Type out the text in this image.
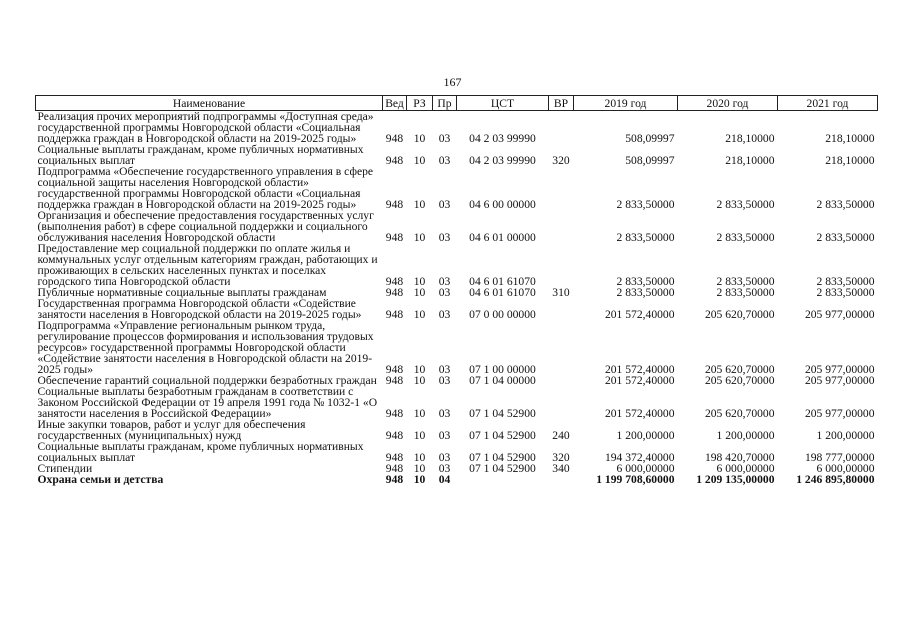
167
Наименование	Вед	РЗ	Пр	ЦСТ	ВР	2019 год	2020 год	2021 год
Реализация прочих мероприятий подпрограммы «Доступная среда» государственной программы Новгородской области «Социальная поддержка граждан в Новгородской области на 2019-2025 годы»	948	10	03	04 2 03 99990		508,09997	218,10000	218,10000
Социальные выплаты гражданам, кроме публичных нормативных социальных выплат	948	10	03	04 2 03 99990	320	508,09997	218,10000	218,10000
Подпрограмма «Обеспечение государственного управления в сфере социальной защиты населения Новгородской области» государственной программы Новгородской области «Социальная поддержка граждан в Новгородской области на 2019-2025 годы»	948	10	03	04 6 00 00000		2 833,50000	2 833,50000	2 833,50000
Организация и обеспечение предоставления государственных услуг (выполнения работ) в сфере социальной поддержки и социального обслуживания населения Новгородской области	948	10	03	04 6 01 00000		2 833,50000	2 833,50000	2 833,50000
Предоставление мер социальной поддержки по оплате жилья и коммунальных услуг отдельным категориям граждан, работающих и проживающих в сельских населенных пунктах и поселках городского типа Новгородской области	948	10	03	04 6 01 61070		2 833,50000	2 833,50000	2 833,50000
Публичные нормативные социальные выплаты гражданам	948	10	03	04 6 01 61070	310	2 833,50000	2 833,50000	2 833,50000
Государственная программа Новгородской области «Содействие занятости населения в Новгородской области на 2019-2025 годы»	948	10	03	07 0 00 00000		201 572,40000	205 620,70000	205 977,00000
Подпрограмма «Управление региональным рынком труда, регулирование процессов формирования и использования трудовых ресурсов» государственной программы Новгородской области «Содействие занятости населения в Новгородской области на 2019-2025 годы»	948	10	03	07 1 00 00000		201 572,40000	205 620,70000	205 977,00000
Обеспечение гарантий социальной поддержки безработных граждан	948	10	03	07 1 04 00000		201 572,40000	205 620,70000	205 977,00000
Социальные выплаты безработным гражданам в соответствии с Законом Российской Федерации от 19 апреля 1991 года № 1032-1 «О занятости населения в Российской Федерации»	948	10	03	07 1 04 52900		201 572,40000	205 620,70000	205 977,00000
Иные закупки товаров, работ и услуг для обеспечения государственных (муниципальных) нужд	948	10	03	07 1 04 52900	240	1 200,00000	1 200,00000	1 200,00000
Социальные выплаты гражданам, кроме публичных нормативных социальных выплат	948	10	03	07 1 04 52900	320	194 372,40000	198 420,70000	198 777,00000
Стипендии	948	10	03	07 1 04 52900	340	6 000,00000	6 000,00000	6 000,00000
Охрана семьи и детства	948	10	04			1 199 708,60000	1 209 135,00000	1 246 895,80000
